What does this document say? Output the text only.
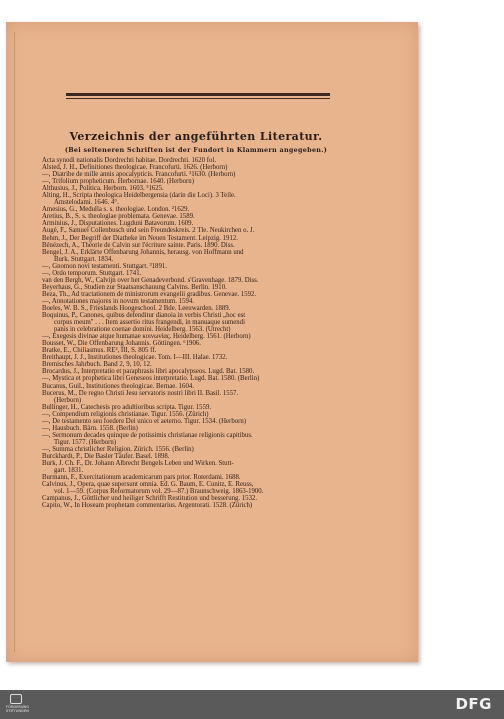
Verzeichnis der angeführten Literatur.
(Bei selteneren Schriften ist der Fundort in Klammern angegeben.)
Acta synodi nationalis Dordrechti habitae. Dordrechti. 1620 fol.
Alsted, J. H., Definitiones theologicae. Francofurti. 1626. (Herborn)
—, Diatribe de mille annis apocalypticis. Francofurti. ²1630. (Herborn)
—, Trifolium propheticum. Herbornae. 1640. (Herborn)
Althusius, J., Politica. Herborn. 1603. ³1625.
Alting, H., Scripta theologica Heidelbergensia (darin die Loci). 3 Teile.
Amstelodami. 1646. 4°.
Amesius, G., Medulla s. s. theologiae. London. ²1629.
Aretius, B., S. s. theologiae problemata. Genevae. 1589.
Arminius, J., Disputationes. Lugduni Batavorum. 1609.
Augé, F., Samuel Collenbusch und sein Freundeskreis. 2 Tle. Neukirchen o. J.
Behm, J., Der Begriff der Diatheke im Neuen Testament. Leipzig. 1912.
Bénézech, A., Théorie de Calvin sur l'écriture sainte. Paris. 1890. Diss.
Bengel, J. A., Erklärte Offenbarung Johannis, herausg. von Hoffmann und
Burk. Stuttgart. 1834.
—, Gnomon novi testamenti. Stuttgart. ³1891.
—, Ordo temporum. Stuttgart. 1741.
van den Bergh, W., Calvijn over het Genadeverbond. s'Gravenhage. 1879. Diss.
Beyerhaus, G., Studien zur Staatsanschauung Calvins. Berlin. 1910.
Beza, Th., Ad tractationem de ministrorum evangelii gradibus. Genevae. 1592.
—, Annotationes majores in novum testamentum. 1594.
Boeles, W. B. S., Frieslands Hoogeschool. 2 Bde. Leeuwarden. 1889.
Boquinus, P., Canones, quibus defenditur dianoia in verbis Christi „hoc est
corpus meum" . . . Item assertio ritus frangendi, in manuaque sumendi
panis in celebratione coenae domini. Heidelberg. 1563. (Utrecht)
—, Exegesis divinae atque humanae κοινωνίας. Heidelberg. 1561. (Herborn)
Bousset, W., Die Offenbarung Johannis. Göttingen. ⁶1906.
Bratke, E., Chiliasmus. RE³, III, S. 805 ff.
Breithaupt, J. J., Institutiones theologicae. Tom. I—III. Halae. 1732.
Bremisches Jahrbuch. Band 2, 9, 10, 12.
Brocardus, J., Interpretatio et paraphrasis libri apocalypseos. Lugd. Bat. 1580.
—, Mystica et prophetica libri Geneseos interpretatio. Lugd. Bat. 1580. (Berlin)
Bucanus, Guil., Institutiones theologicae. Bernae. 1604.
Bucerus, M., De regno Christi Jesu servatoris nostri libri II. Basil. 1557.
(Herborn)
Bullinger, H., Catechesis pro adultioribus scripta. Tigur. 1559.
—, Compendium religionis christianae. Tigur. 1556. (Zürich)
—, De testamento seu foedere Dei unico et aeterno. Tigur. 1534. (Herborn)
—, Hausbuch. Bärn. 1558. (Berlin)
—, Sermonum decades quinque de potissimis christianae religionis capitibus.
Tigur. 1577. (Herborn)
—, Summa christlicher Religion. Zürich. 1556. (Berlin)
Burckhardt, P., Die Basler Täufer. Basel. 1898.
Burk, J. Ch. F., Dr. Johann Albrecht Bengels Leben und Wirken. Stutt-
gart. 1831.
Burmann, F., Exercitationum academicarum pars prior. Roterdami. 1688.
Calvinus, J., Opera, quae supersunt omnia. Ed. G. Baum, E. Cunitz, E. Reuss,
vol. 1—59. (Corpus Reformatorum vol. 29—87.) Braunschweig. 1863-1900.
Campanus, J., Göttlicher und heiliger Schrifft Restitution und besserung. 1532.
Capito, W., In Hoseam prophetam commentarius. Argentorati. 1528. (Zürich)
FÖRDERUNG
STIFTUNGEN	DFG
